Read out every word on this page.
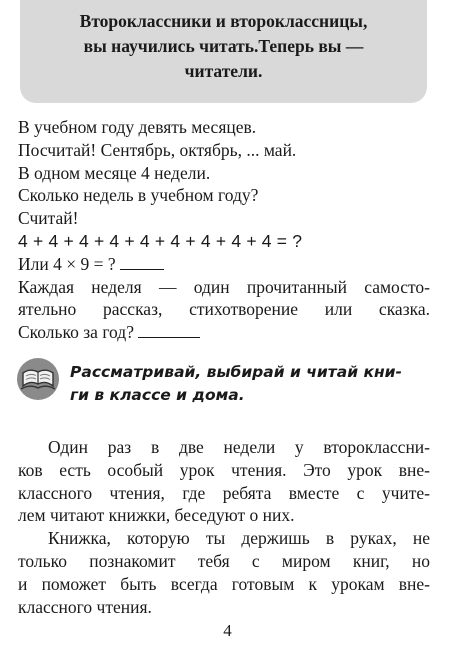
Второклассники и второклассницы,
вы научились читать.Теперь вы —
читатели.
В учебном году девять месяцев.
Посчитай! Сентябрь, октябрь, ... май.
В одном месяце 4 недели.
Сколько недель в учебном году?
Считай!
4 + 4 + 4 + 4 + 4 + 4 + 4 + 4 + 4 = ?
Или 4 × 9 = ?
Каждая неделя — один прочитанный самосто-
ятельно рассказ, стихотворение или сказка.
Сколько за год?
Рассматривай, выбирай и читай кни-
ги в классе и дома.
Один раз в две недели у второклассни-
ков есть особый урок чтения. Это урок вне-
классного чтения, где ребята вместе с учите-
лем читают книжки, беседуют о них.
Книжка, которую ты держишь в руках, не
только познакомит тебя с миром книг, но
и поможет быть всегда готовым к урокам вне-
классного чтения.
4
